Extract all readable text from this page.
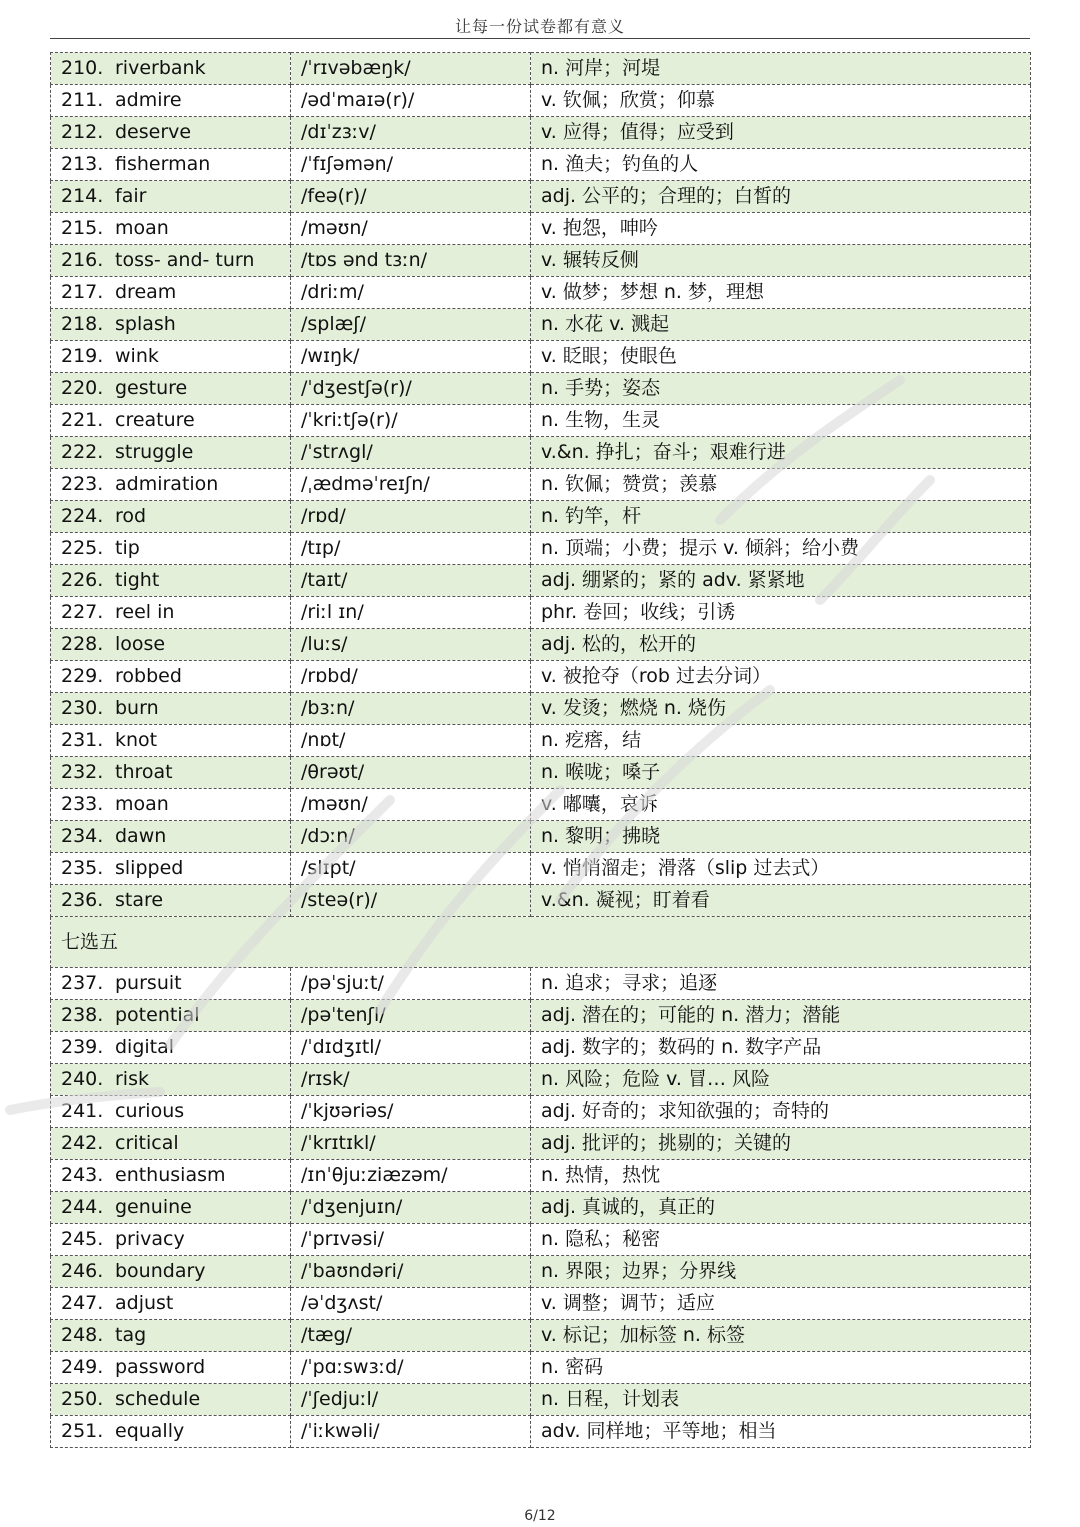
让每一份试卷都有意义
210. riverbank	/ˈrɪvəbæŋk/	n. 河岸；河堤
211. admire	/ədˈmaɪə(r)/	v. 钦佩；欣赏；仰慕
212. deserve	/dɪˈzɜːv/	v. 应得；值得；应受到
213. fisherman	/ˈfɪʃəmən/	n. 渔夫；钓鱼的人
214. fair	/feə(r)/	adj. 公平的；合理的；白皙的
215. moan	/məʊn/	v. 抱怨，呻吟
216. toss- and- turn	/tɒs ənd tɜːn/	v. 辗转反侧
217. dream	/driːm/	v. 做梦；梦想 n. 梦，理想
218. splash	/splæʃ/	n. 水花 v. 溅起
219. wink	/wɪŋk/	v. 眨眼；使眼色
220. gesture	/ˈdʒestʃə(r)/	n. 手势；姿态
221. creature	/ˈkriːtʃə(r)/	n. 生物，生灵
222. struggle	/ˈstrʌgl/	v.&n. 挣扎；奋斗；艰难行进
223. admiration	/ˌædməˈreɪʃn/	n. 钦佩；赞赏；羡慕
224. rod	/rɒd/	n. 钓竿，杆
225. tip	/tɪp/	n. 顶端；小费；提示 v. 倾斜；给小费
226. tight	/taɪt/	adj. 绷紧的；紧的 adv. 紧紧地
227. reel in	/riːl ɪn/	phr. 卷回；收线；引诱
228. loose	/luːs/	adj. 松的，松开的
229. robbed	/rɒbd/	v. 被抢夺（rob 过去分词）
230. burn	/bɜːn/	v. 发烫；燃烧 n. 烧伤
231. knot	/nɒt/	n. 疙瘩，结
232. throat	/θrəʊt/	n. 喉咙；嗓子
233. moan	/məʊn/	v. 嘟囔，哀诉
234. dawn	/dɔːn/	n. 黎明；拂晓
235. slipped	/slɪpt/	v. 悄悄溜走；滑落（slip 过去式）
236. stare	/steə(r)/	v.&n. 凝视；盯着看
七选五		
237. pursuit	/pəˈsjuːt/	n. 追求；寻求；追逐
238. potential	/pəˈtenʃl/	adj. 潜在的；可能的 n. 潜力；潜能
239. digital	/ˈdɪdʒɪtl/	adj. 数字的；数码的 n. 数字产品
240. risk	/rɪsk/	n. 风险；危险 v. 冒… 风险
241. curious	/ˈkjʊəriəs/	adj. 好奇的；求知欲强的；奇特的
242. critical	/ˈkrɪtɪkl/	adj. 批评的；挑剔的；关键的
243. enthusiasm	/ɪnˈθjuːziæzəm/	n. 热情，热忱
244. genuine	/ˈdʒenjuɪn/	adj. 真诚的，真正的
245. privacy	/ˈprɪvəsi/	n. 隐私；秘密
246. boundary	/ˈbaʊndəri/	n. 界限；边界；分界线
247. adjust	/əˈdʒʌst/	v. 调整；调节；适应
248. tag	/tæg/	v. 标记；加标签 n. 标签
249. password	/ˈpɑːswɜːd/	n. 密码
250. schedule	/ˈʃedjuːl/	n. 日程，计划表
251. equally	/ˈiːkwəli/	adv. 同样地；平等地；相当
6/12
